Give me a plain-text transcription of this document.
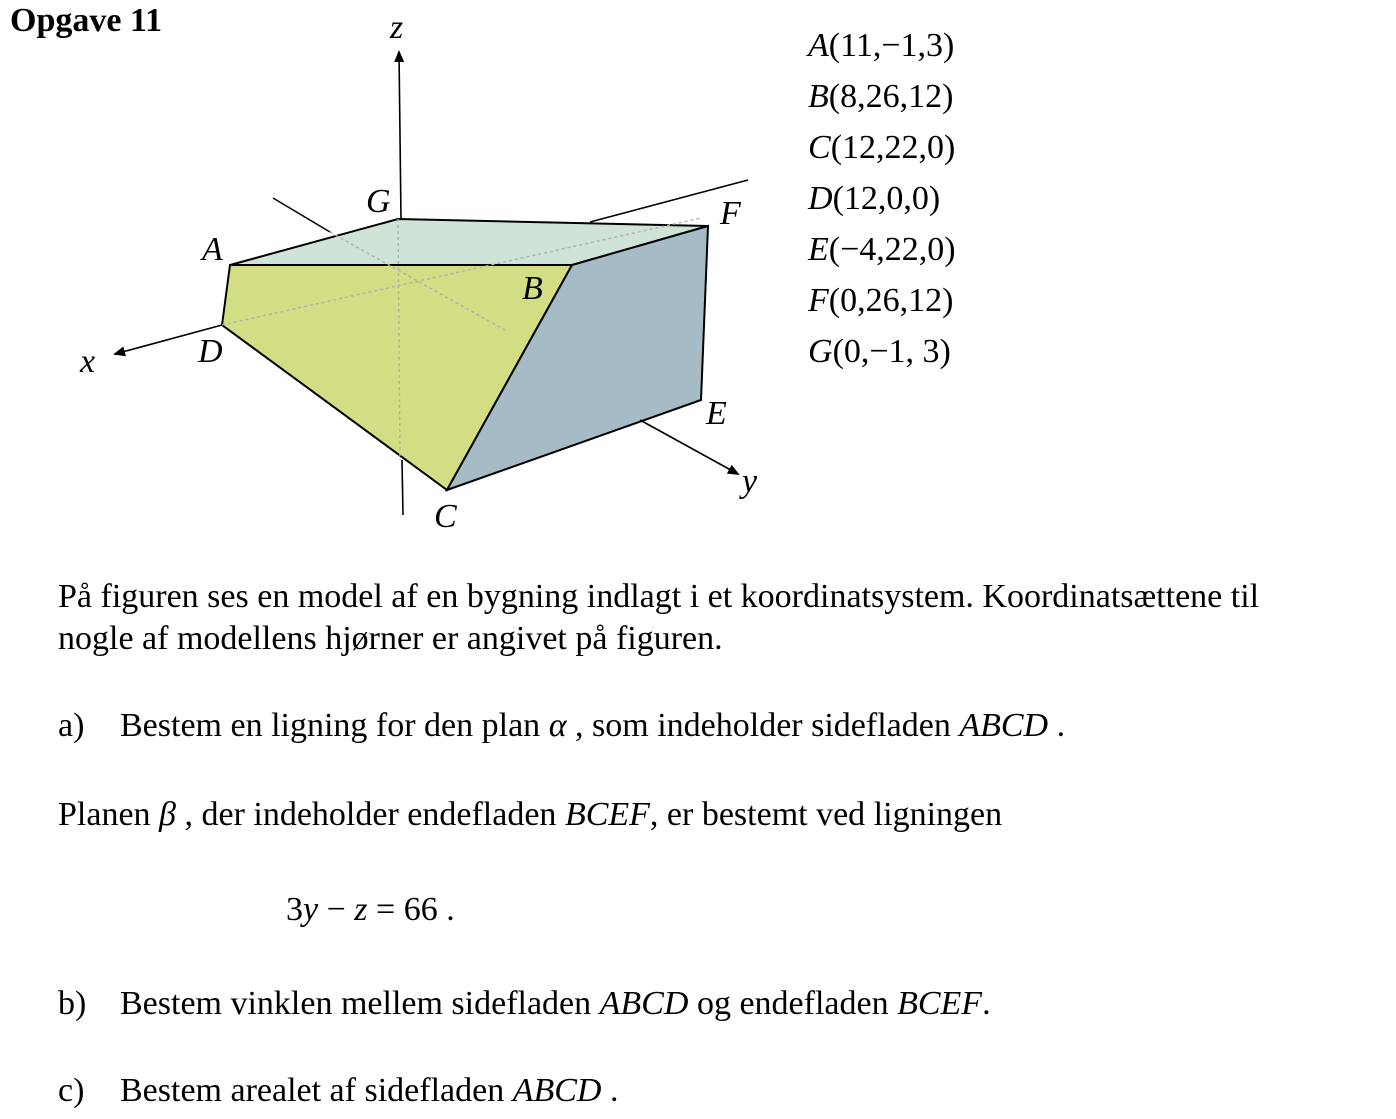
Opgave 11	z
x
y
A
B
C
D
E
F
G
A(11,−1,3)
B(8,26,12)
C(12,22,0)
D(12,0,0)
E(−4,22,0)
F(0,26,12)
G(0,−1, 3)
På figuren ses en model af en bygning indlagt i et koordinatsystem. Koordinatsættene til
nogle af modellens hjørner er angivet på figuren.
a) Bestem en ligning for den plan α , som indeholder sidefladen ABCD .
Planen β , der indeholder endefladen BCEF, er bestemt ved ligningen
3y − z = 66 .
b) Bestem vinklen mellem sidefladen ABCD og endefladen BCEF.
c) Bestem arealet af sidefladen ABCD .
